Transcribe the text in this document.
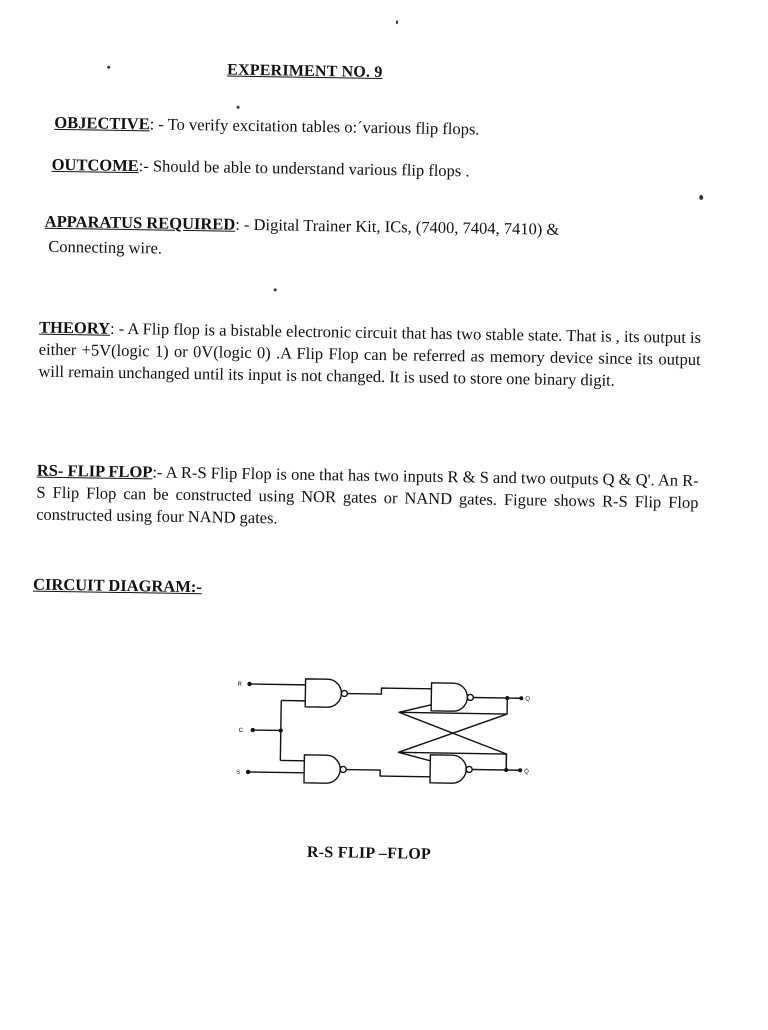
EXPERIMENT NO. 9
OBJECTIVE: - To verify excitation tables o:´various flip flops.
OUTCOME:- Should be able to understand various flip flops .
APPARATUS REQUIRED: - Digital Trainer Kit, ICs, (7400, 7404, 7410) &
Connecting wire.
THEORY: - A Flip flop is a bistable electronic circuit that has two stable state. That is , its output is either +5V(logic 1) or 0V(logic 0) .A Flip Flop can be referred as memory device since its output will remain unchanged until its input is not changed. It is used to store one binary digit.
RS- FLIP FLOP:- A R-S Flip Flop is one that has two inputs R & S and two outputs Q & Q'. An R-S Flip Flop can be constructed using NOR gates or NAND gates. Figure shows R-S Flip Flop constructed using four NAND gates.
CIRCUIT DIAGRAM:-
R
C
S
Q
Q̄
R-S FLIP –FLOP
